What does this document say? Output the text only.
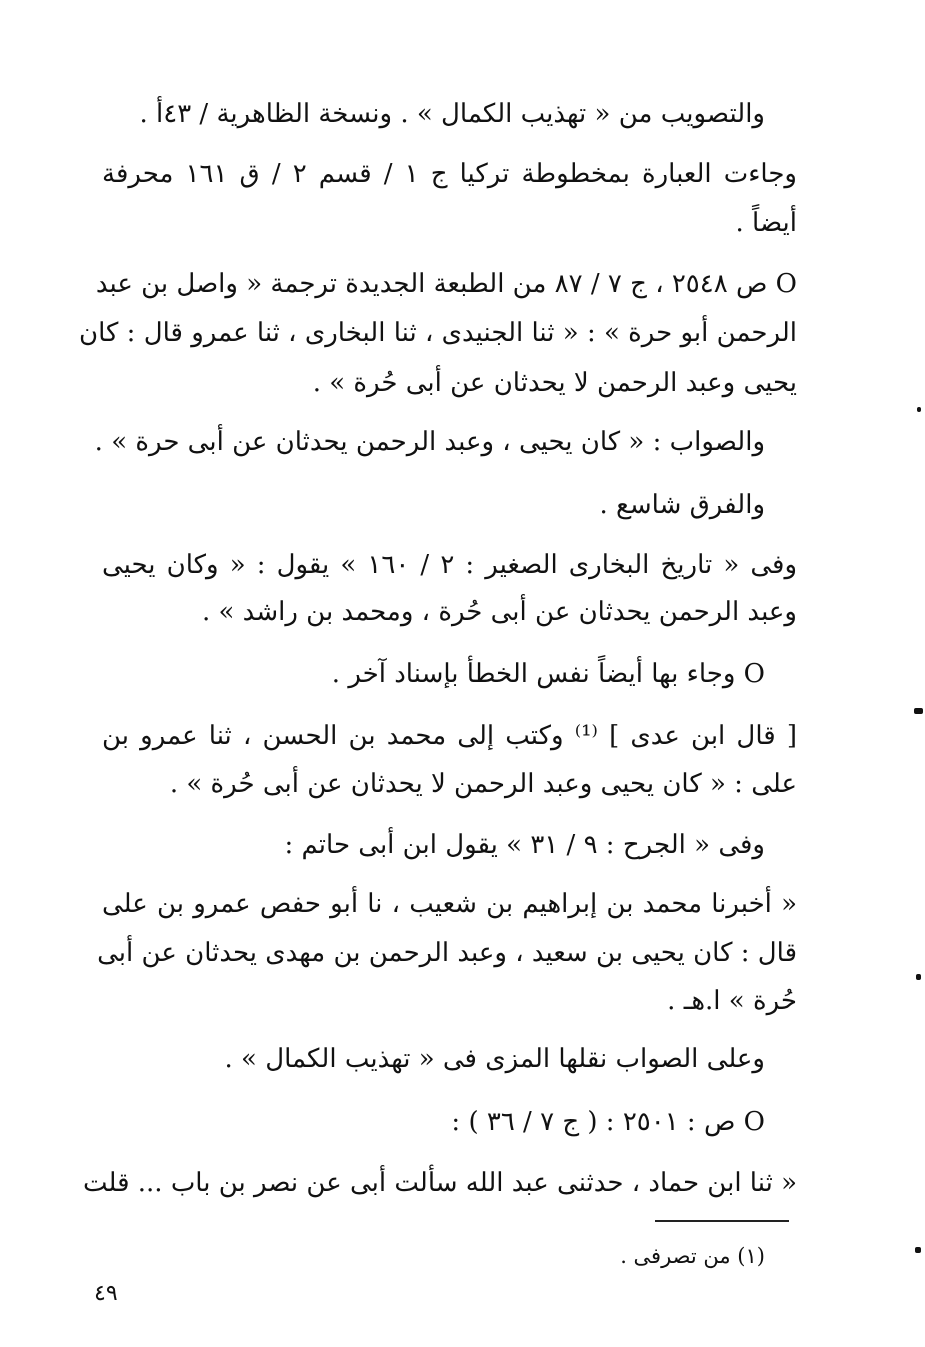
والتصويب من « تهذيب الكمال » . ونسخة الظاهرية / ٤٣أ .
وجاءت العبارة بمخطوطة تركيا ج ١ / قسم ٢ / ق ١٦١ محرفة
أيضاً .
O ص ٢٥٤٨ ، ج ٧ / ٨٧ من الطبعة الجديدة ترجمة « واصل بن عبد
الرحمن أبو حرة » : « ثنا الجنيدى ، ثنا البخارى ، ثنا عمرو قال : كان
يحيى وعبد الرحمن لا يحدثان عن أبى حُرة » .
والصواب : « كان يحيى ، وعبد الرحمن يحدثان عن أبى حرة » .
والفرق شاسع .
وفى « تاريخ البخارى الصغير : ٢ / ١٦٠ » يقول : « وكان يحيى
وعبد الرحمن يحدثان عن أبى حُرة ، ومحمد بن راشد » .
O وجاء بها أيضاً نفس الخطأ بإسناد آخر .
[ قال ابن عدى ] ⁽¹⁾ وكتب إلى محمد بن الحسن ، ثنا عمرو بن
على : « كان يحيى وعبد الرحمن لا يحدثان عن أبى حُرة » .
وفى « الجرح : ٩ / ٣١ » يقول ابن أبى حاتم :
« أخبرنا محمد بن إبراهيم بن شعيب ، نا أبو حفص عمرو بن على
قال : كان يحيى بن سعيد ، وعبد الرحمن بن مهدى يحدثان عن أبى
حُرة » ا.هـ .
وعلى الصواب نقلها المزى فى « تهذيب الكمال » .
O ص : ٢٥٠١ : ( ج ٧ / ٣٦ ) :
« ثنا ابن حماد ، حدثنى عبد الله سألت أبى عن نصر بن باب ... قلت
(١) من تصرفى .
٤٩
